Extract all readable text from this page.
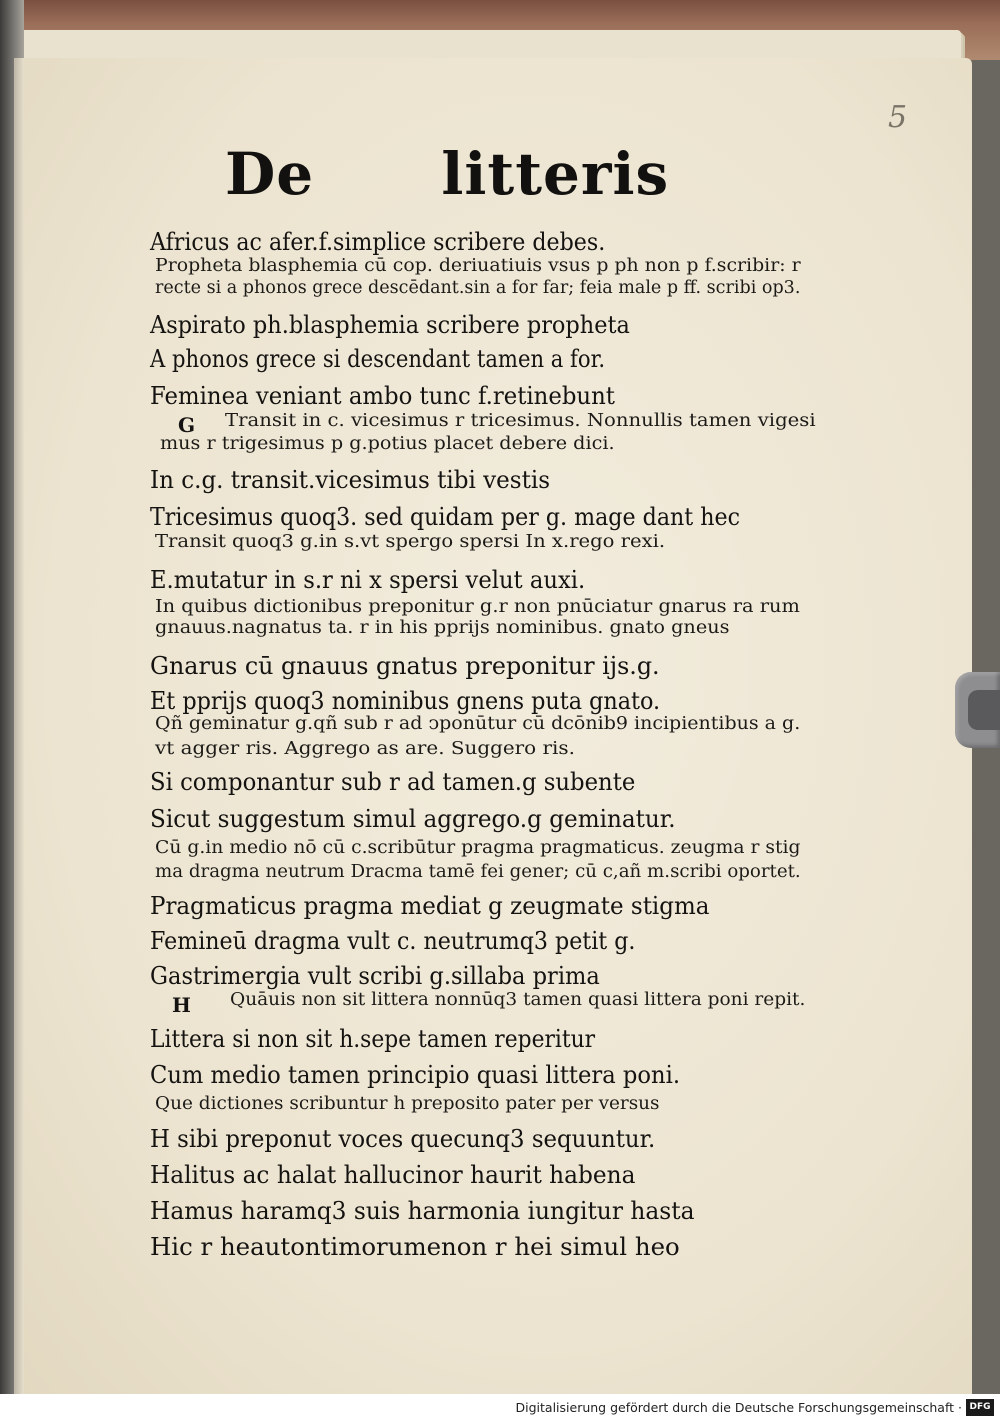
5
De      litteris
Africus ac afer.f.simplice scribere debes.
Propheta blasphemia cū cop. deriuatiuis vsus p ph non p f.scribir: r
recte si a phonos grece descēdant.sin a for far; feia male p ff. scribi op3.
Aspirato ph.blasphemia scribere propheta
A phonos grece si descendant tamen a for.
Feminea veniant ambo tunc f.retinebunt
Transit in c. vicesimus r tricesimus. Nonnullis tamen vigesi
mus r trigesimus p g.potius placet debere dici.
In c.g. transit.vicesimus tibi vestis
Tricesimus quoq3. sed quidam per g. mage dant hec
Transit quoq3 g.in s.vt spergo spersi In x.rego rexi.
E.mutatur in s.r ni x spersi velut auxi.
In quibus dictionibus preponitur g.r non pnūciatur gnarus ra rum
gnauus.nagnatus ta. r in his pprijs nominibus. gnato gneus
Gnarus cū gnauus gnatus preponitur ijs.g.
Et pprijs quoq3 nominibus gnens puta gnato.
Qñ geminatur g.qñ sub r ad ↄponūtur cū dcōnib9 incipientibus a g.
vt agger ris. Aggrego as are. Suggero ris.
Si componantur sub r ad tamen.g subente
Sicut suggestum simul aggrego.g geminatur.
Cū g.in medio nō cū c.scribūtur pragma pragmaticus. zeugma r stig
ma dragma neutrum Dracma tamē fei gener; cū c,añ m.scribi oportet.
Pragmaticus pragma mediat g zeugmate stigma
Femineū dragma vult c. neutrumq3 petit g.
Gastrimergia vult scribi g.sillaba prima
Quāuis non sit littera nonnūq3 tamen quasi littera poni repit.
Littera si non sit h.sepe tamen reperitur
Cum medio tamen principio quasi littera poni.
Que dictiones scribuntur h preposito pater per versus
H sibi preponut voces quecunq3 sequuntur.
Halitus ac halat hallucinor haurit habena
Hamus haramq3 suis harmonia iungitur hasta
Hic r heautontimorumenon r hei simul heo
G
H
Digitalisierung gefördert durch die Deutsche Forschungsgemeinschaft · DFG
